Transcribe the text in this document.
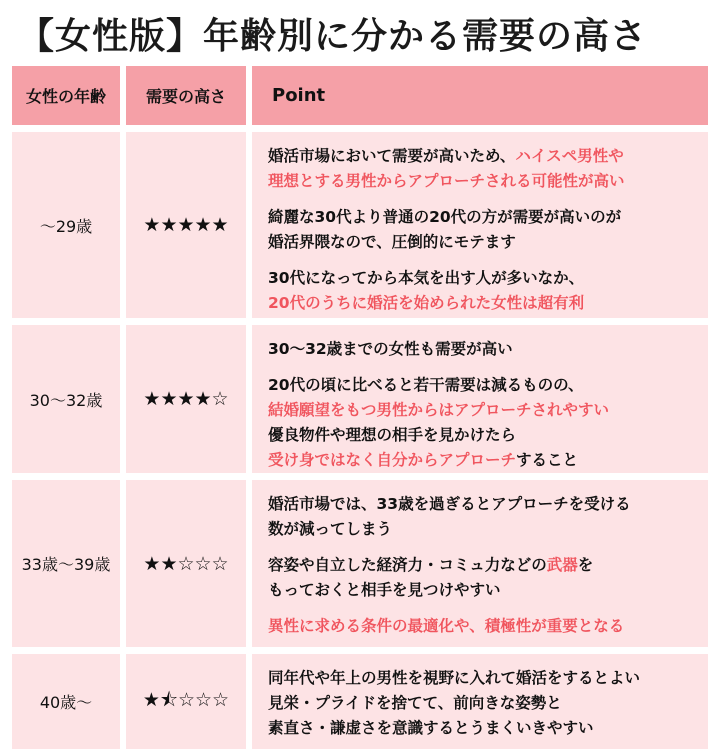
【女性版】年齢別に分かる需要の高さ
女性の年齢	需要の高さ	Point
～29歳	★★★★★
婚活市場において需要が高いため、ハイスペ男性や
理想とする男性からアプローチされる可能性が高い
綺麗な30代より普通の20代の方が需要が高いのが
婚活界隈なので、圧倒的にモテます
30代になってから本気を出す人が多いなか、
20代のうちに婚活を始められた女性は超有利
30～32歳	★★★★☆
30～32歳までの女性も需要が高い
20代の頃に比べると若干需要は減るものの、
結婚願望をもつ男性からはアプローチされやすい
優良物件や理想の相手を見かけたら
受け身ではなく自分からアプローチすること
33歳～39歳	★★☆☆☆
婚活市場では、33歳を過ぎるとアプローチを受ける
数が減ってしまう
容姿や自立した経済力・コミュ力などの武器を
もっておくと相手を見つけやすい
異性に求める条件の最適化や、積極性が重要となる
40歳～	★⯪☆☆☆
同年代や年上の男性を視野に入れて婚活をするとよい
見栄・プライドを捨てて、前向きな姿勢と
素直さ・謙虚さを意識するとうまくいきやすい
